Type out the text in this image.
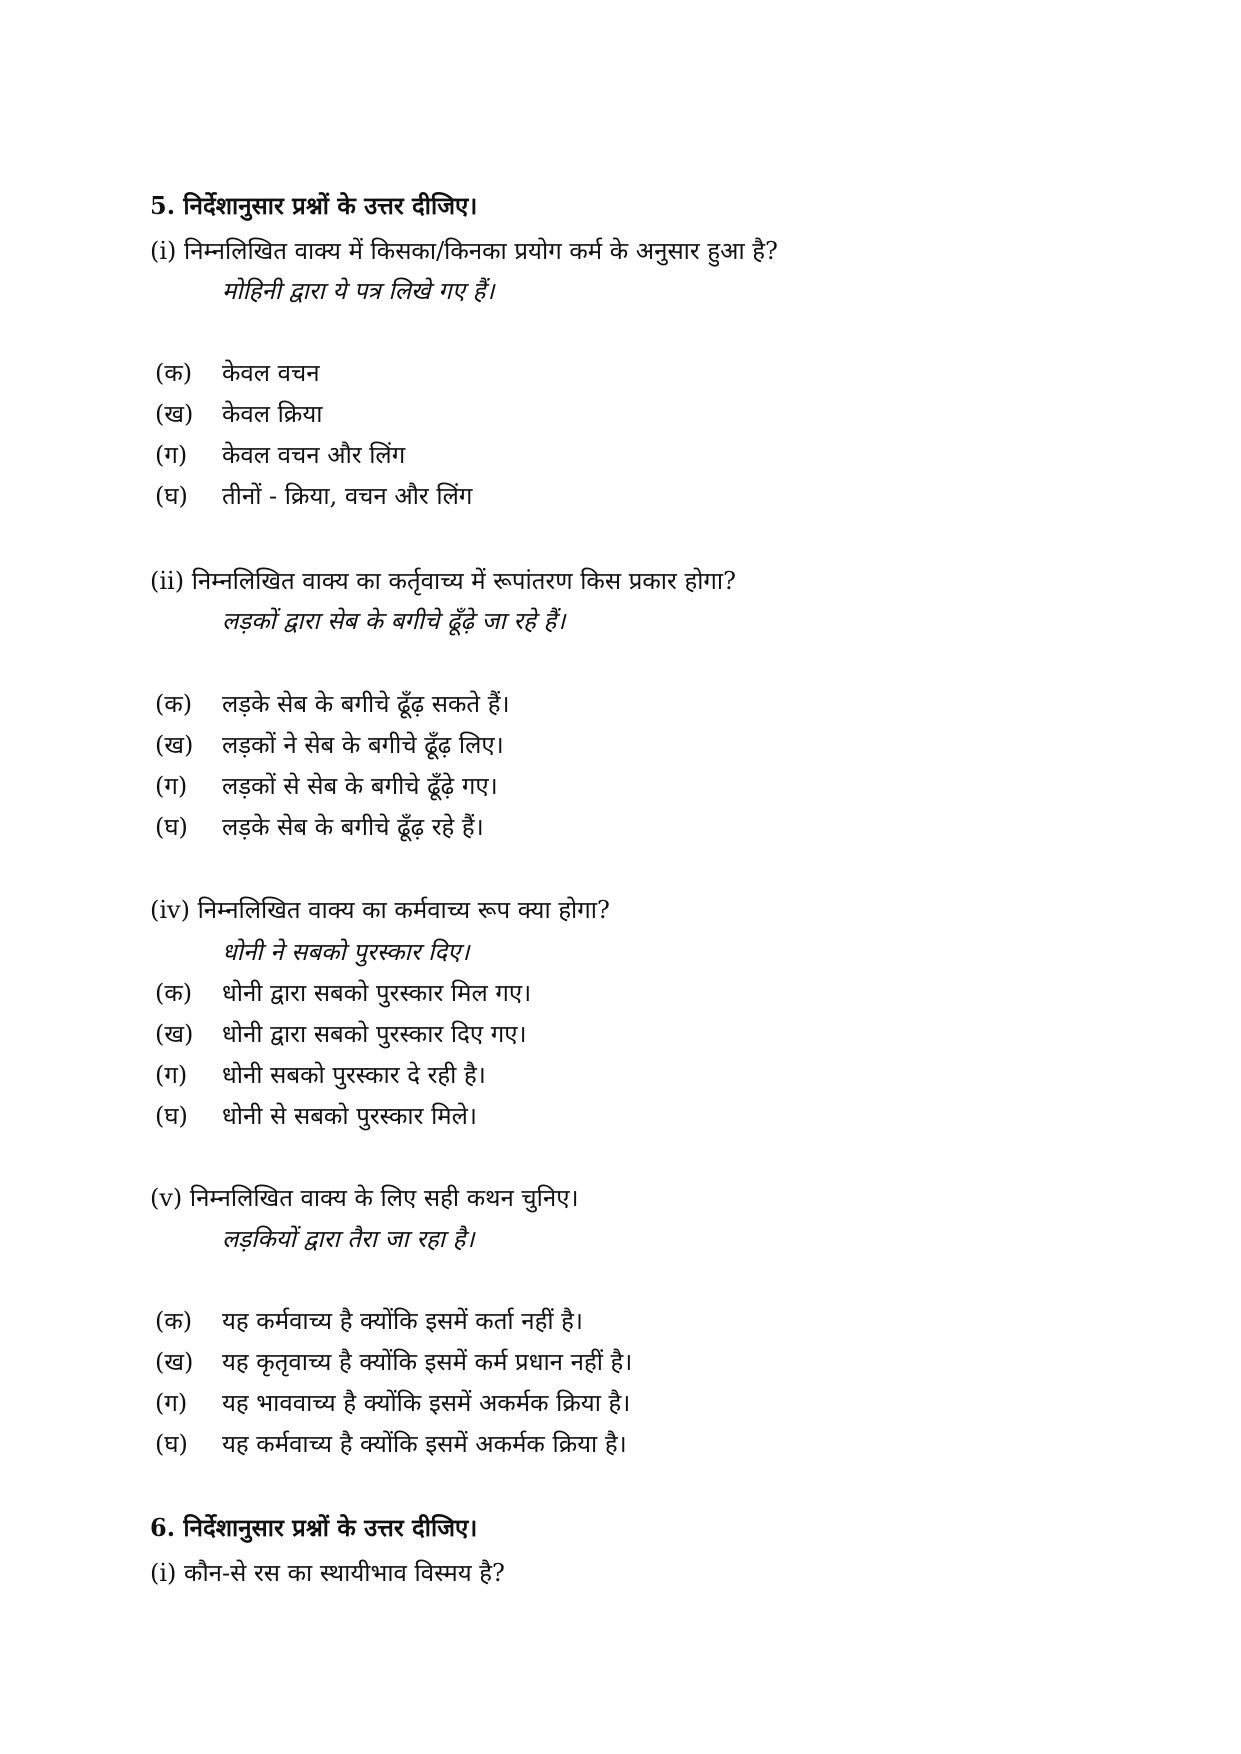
5. निर्देशानुसार प्रश्नों के उत्तर दीजिए।
(i) निम्नलिखित वाक्य में किसका/किनका प्रयोग कर्म के अनुसार हुआ है?
मोहिनी द्वारा ये पत्र लिखे गए हैं।
(क) केवल वचन
(ख) केवल क्रिया
(ग) केवल वचन और लिंग
(घ) तीनों - क्रिया, वचन और लिंग
(ii) निम्नलिखित वाक्य का कर्तृवाच्य में रूपांतरण किस प्रकार होगा?
लड़कों द्वारा सेब के बगीचे ढूँढ़े जा रहे हैं।
(क) लड़के सेब के बगीचे ढूँढ़ सकते हैं।
(ख) लड़कों ने सेब के बगीचे ढूँढ़ लिए।
(ग) लड़कों से सेब के बगीचे ढूँढ़े गए।
(घ) लड़के सेब के बगीचे ढूँढ़ रहे हैं।
(iv) निम्नलिखित वाक्य का कर्मवाच्य रूप क्या होगा?
धोनी ने सबको पुरस्कार दिए।
(क) धोनी द्वारा सबको पुरस्कार मिल गए।
(ख) धोनी द्वारा सबको पुरस्कार दिए गए।
(ग) धोनी सबको पुरस्कार दे रही है।
(घ) धोनी से सबको पुरस्कार मिले।
(v) निम्नलिखित वाक्य के लिए सही कथन चुनिए।
लड़कियों द्वारा तैरा जा रहा है।
(क) यह कर्मवाच्य है क्योंकि इसमें कर्ता नहीं है।
(ख) यह कृतृवाच्य है क्योंकि इसमें कर्म प्रधान नहीं है।
(ग) यह भाववाच्य है क्योंकि इसमें अकर्मक क्रिया है।
(घ) यह कर्मवाच्य है क्योंकि इसमें अकर्मक क्रिया है।
6. निर्देशानुसार प्रश्नों के उत्तर दीजिए।
(i) कौन-से रस का स्थायीभाव विस्मय है?
